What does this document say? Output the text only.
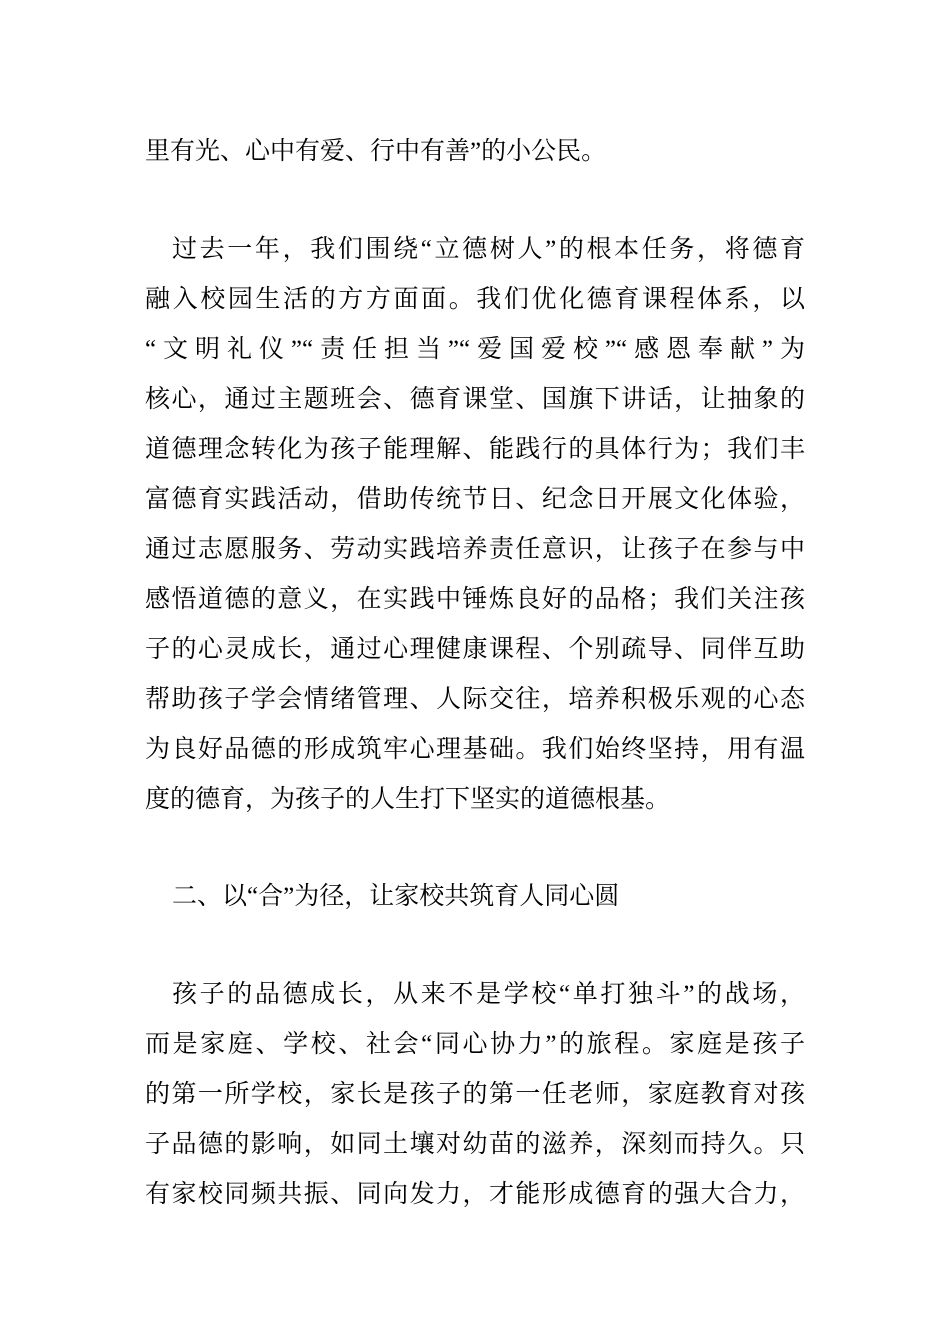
里有光、心中有爱、行中有善”的小公民。
过去一年，我们围绕“立德树人”的根本任务，将德育
融入校园生活的方方面面。我们优化德育课程体系，以
“文明礼仪”“责任担当”“爱国爱校”“感恩奉献”为
核心，通过主题班会、德育课堂、国旗下讲话，让抽象的
道德理念转化为孩子能理解、能践行的具体行为；我们丰
富德育实践活动，借助传统节日、纪念日开展文化体验，
通过志愿服务、劳动实践培养责任意识，让孩子在参与中
感悟道德的意义，在实践中锤炼良好的品格；我们关注孩
子的心灵成长，通过心理健康课程、个别疏导、同伴互助
帮助孩子学会情绪管理、人际交往，培养积极乐观的心态
为良好品德的形成筑牢心理基础。我们始终坚持，用有温
度的德育，为孩子的人生打下坚实的道德根基。
二、以“合”为径，让家校共筑育人同心圆
孩子的品德成长，从来不是学校“单打独斗”的战场，
而是家庭、学校、社会“同心协力”的旅程。家庭是孩子
的第一所学校，家长是孩子的第一任老师，家庭教育对孩
子品德的影响，如同土壤对幼苗的滋养，深刻而持久。只
有家校同频共振、同向发力，才能形成德育的强大合力，
